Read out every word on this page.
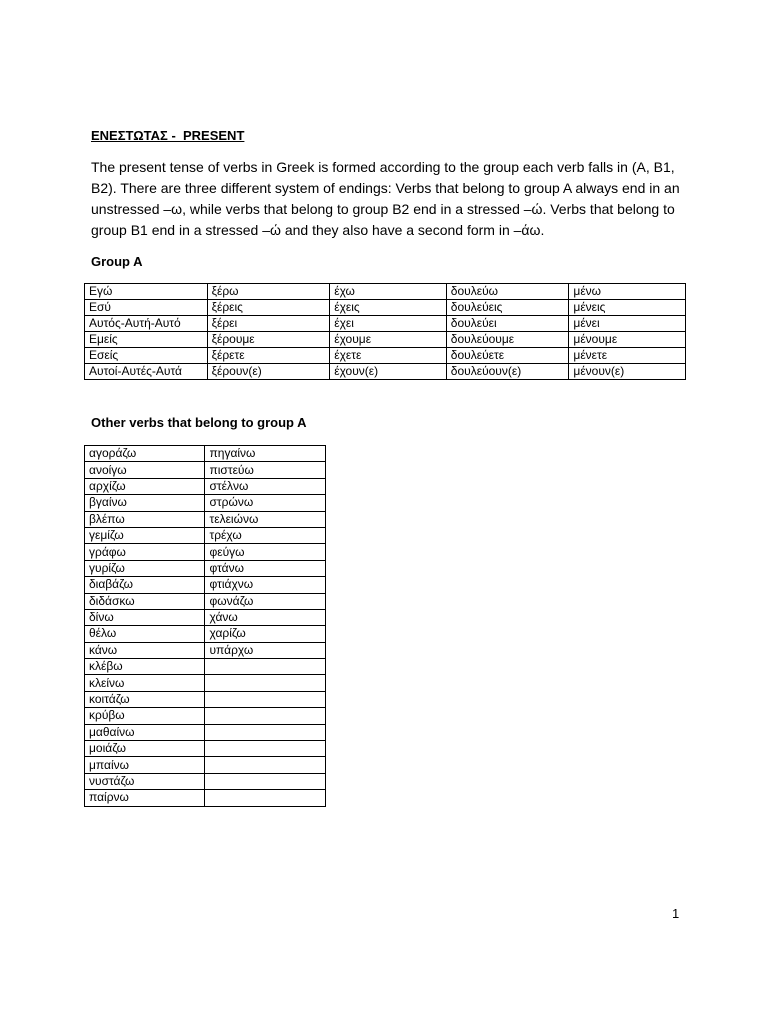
ΕΝΕΣΤΩΤΑΣ -  PRESENT
The present tense of verbs in Greek is formed according to the group each verb falls in (A, B1, B2). There are three different system of endings: Verbs that belong to group A always end in an unstressed –ω, while verbs that belong to group B2 end in a stressed –ώ. Verbs that belong to group B1 end in a stressed –ώ and they also have a second form in –άω.
Group A
Εγώ	ξέρω	έχω	δουλεύω	μένω
Εσύ	ξέρεις	έχεις	δουλεύεις	μένεις
Αυτός-Αυτή-Αυτό	ξέρει	έχει	δουλεύει	μένει
Εμείς	ξέρουμε	έχουμε	δουλεύουμε	μένουμε
Εσείς	ξέρετε	έχετε	δουλεύετε	μένετε
Αυτοί-Αυτές-Αυτά	ξέρουν(ε)	έχουν(ε)	δουλεύουν(ε)	μένουν(ε)
Other verbs that belong to group A
αγοράζω	πηγαίνω
ανοίγω	πιστεύω
αρχίζω	στέλνω
βγαίνω	στρώνω
βλέπω	τελειώνω
γεμίζω	τρέχω
γράφω	φεύγω
γυρίζω	φτάνω
διαβάζω	φτιάχνω
διδάσκω	φωνάζω
δίνω	χάνω
θέλω	χαρίζω
κάνω	υπάρχω
κλέβω	
κλείνω	
κοιτάζω	
κρύβω	
μαθαίνω	
μοιάζω	
μπαίνω	
νυστάζω	
παίρνω	
1
